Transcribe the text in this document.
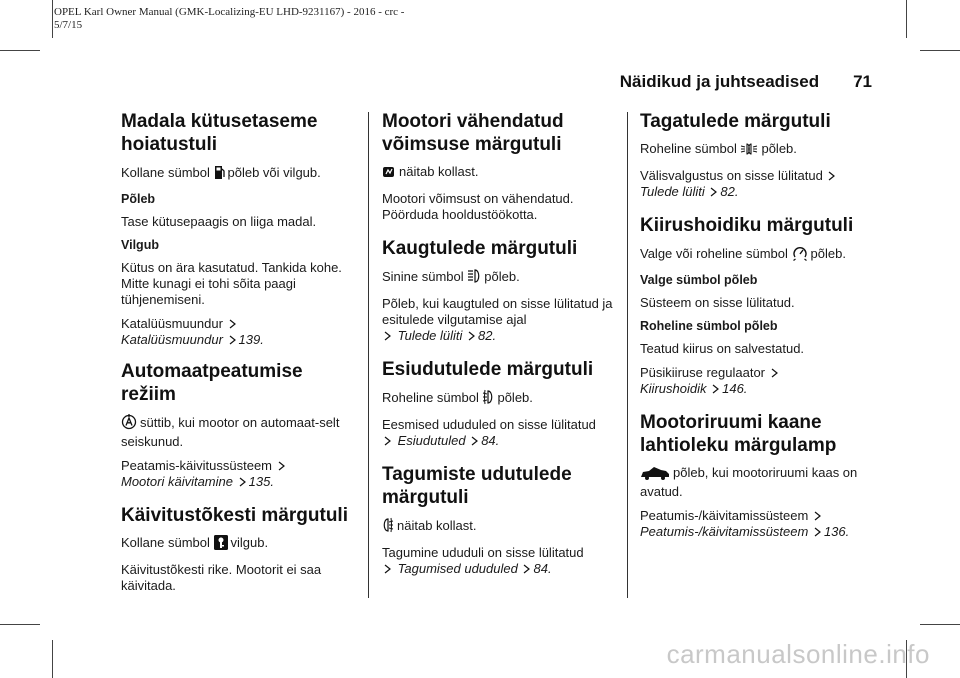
OPEL Karl Owner Manual (GMK-Localizing-EU LHD-9231167) - 2016 - crc -
5/7/15
Näidikud ja juhtseadised 71
Madala kütusetaseme
hoiatustuli

Kollane sümbol põleb või vilgub.

Põleb

Tase kütusepaagis on liiga madal.

Vilgub

Kütus on ära kasutatud. Tankida kohe. Mitte kunagi ei tohi sõita paagi tühjenemiseni.

Katalüüsmuundur
Katalüüsmuundur 139.

Automaatpeatumise
režiim

süttib, kui mootor on automaat-selt seiskunud.

Peatamis-käivitussüsteem
Mootori käivitamine 135.

Käivitustõkesti märgutuli

Kollane sümbol vilgub.

Käivitustõkesti rike. Mootorit ei saa käivitada.

Mootori vähendatud
võimsuse märgutuli

näitab kollast.

Mootori võimsust on vähendatud. Pöörduda hooldustöökotta.

Kaugtulede märgutuli

Sinine sümbol põleb.

Põleb, kui kaugtuled on sisse lülitatud ja esitulede vilgutamise ajal
Tulede lüliti 82.

Esiudutulede märgutuli

Roheline sümbol põleb.

Eesmised ududuled on sisse lülitatud
Esiudutuled 84.

Tagumiste udutulede
märgutuli

näitab kollast.

Tagumine ududuli on sisse lülitatud
Tagumised ududuled 84.

Tagatulede märgutuli

Roheline sümbol põleb.

Välisvalgustus on sisse lülitatud
Tulede lüliti 82.

Kiirushoidiku märgutuli

Valge või roheline sümbol põleb.

Valge sümbol põleb

Süsteem on sisse lülitatud.

Roheline sümbol põleb

Teatud kiirus on salvestatud.

Püsikiiruse regulaator
Kiirushoidik 146.

Mootoriruumi kaane
lahtioleku märgulamp

põleb, kui mootoriruumi kaas on avatud.

Peatumis-/käivitamissüsteem
Peatumis-/käivitamissüsteem 136.

carmanualsonline.info
